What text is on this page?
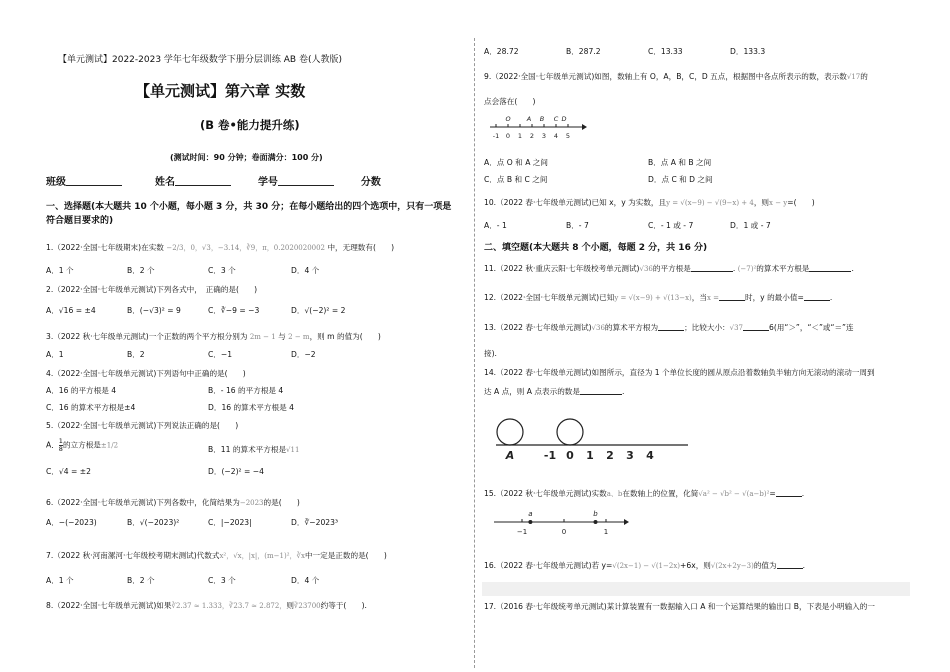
【单元测试】2022-2023 学年七年级数学下册分层训练 AB 卷(人教版)
【单元测试】第六章 实数
(B 卷•能力提升练)
(测试时间：90 分钟；卷面满分：100 分)
班级	姓名	学号	分数
一、选择题(本大题共 10 个小题，每小题 3 分，共 30 分；在每小题给出的四个选项中，只有一项是
符合题目要求的)
1.（2022·全国·七年级期末)在实数 −2/3，0，√3，−3.14，∛9，π，0.2020020002 中，无理数有(　　)
A．1 个	B．2 个	C．3 个	D．4 个
2.（2022·全国·七年级单元测试)下列各式中，　正确的是(　　)
A．√16 = ±4	B．(−√3)² = 9	C．∛−9 = −3	D．√(−2)² = 2
3.（2022 秋·七年级单元测试)一个正数的两个平方根分别为 2m − 1 与 2 − m，则 m 的值为(　　)
A．1	B．2	C．−1	D．−2
4.（2022·全国·七年级单元测试)下列语句中正确的是(　　)
A．16 的平方根是 4	B．- 16 的平方根是 4
C．16 的算术平方根是±4	D．16 的算术平方根是 4
5.（2022·全国·七年级单元测试)下列说法正确的是(　　)
A． $\frac{1}{8}$ 的立方根是±1/2	B．11 的算术平方根是√11
C．√4 = ±2	D．(−2)² = −4
6.（2022·全国·七年级单元测试)下列各数中，化简结果为−2023的是(　　)
A．−(−2023)	B．√(−2023)²	C．|−2023|	D．∛−2023³
7.（2022 秋·河南漯河·七年级校考期末测试)代数式x²，√x，|x|，(m−1)²，∛x中一定是正数的是(　　)
A．1 个	B．2 个	C．3 个	D．4 个
8.（2022·全国·七年级单元测试)如果∛2.37 ≈ 1.333，∛23.7 ≈ 2.872，则∛23700约等于(　　).
A．28.72	B．287.2	C．13.33	D．133.3
9.（2022·全国·七年级单元测试)如图，数轴上有 O，A，B，C，D 五点，根据图中各点所表示的数，表示数√17的
点会落在(　　)
-1 0 1 2 3 4 5
O A B C D
A．点 O 和 A 之间	B．点 A 和 B 之间
C．点 B 和 C 之间	D．点 C 和 D 之间
10.（2022 春·七年级单元测试)已知 x，y 为实数，且y = √(x−9) − √(9−x) + 4，则x − y=(　　)
A．- 1	B．- 7	C．- 1 或 - 7	D．1 或 - 7
二、填空题(本大题共 8 个小题，每题 2 分，共 16 分)
11.（2022 秋·重庆云阳·七年级校考单元测试)√36的平方根是	. (−7)²的算术平方根是	.
12.（2022·全国·七年级单元测试)已知y = √(x−9) + √(13−x)，当x =	时，y 的最小值=	.
13.（2022 春·七年级单元测试)√36的算术平方根为	；比较大小：√37	6(用“＞”，“＜”或“＝”连
接).
14.（2022 春·七年级单元测试)如图所示，直径为 1 个单位长度的圆从原点沿着数轴负半轴方向无滚动的滚动一周到
达 A 点，则 A 点表示的数是	.
A	-1 0 1 2 3 4
15.（2022 秋·七年级单元测试)实数a、b在数轴上的位置，化简√a² − √b² − √(a−b)²=	.
−1	0	1
a	b
16.（2022 春·七年级单元测试)若 y=√(2x−1) − √(1−2x)+6x，则√(2x+2y−3)的值为	.
17.（2016 春·七年级统考单元测试)某计算装置有一数据输入口 A 和一个运算结果的输出口 B，下表是小明输入的一
